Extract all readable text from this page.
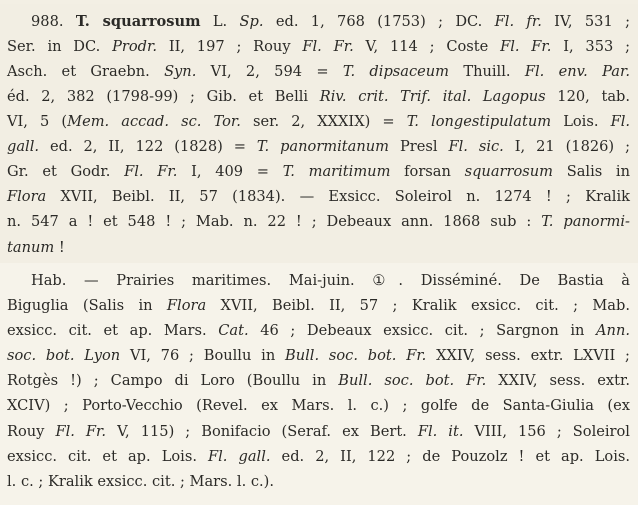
988. T. squarrosum L. Sp. ed. 1, 768 (1753) ; DC. Fl. fr. IV, 531 ;
Ser. in DC. Prodr. II, 197 ; Rouy Fl. Fr. V, 114 ; Coste Fl. Fr. I, 353 ;
Asch. et Graebn. Syn. VI, 2, 594 = T. dipsaceum Thuill. Fl. env. Par.
éd. 2, 382 (1798-99) ; Gib. et Belli Riv. crit. Trif. ital. Lagopus 120, tab.
VI, 5 (Mem. accad. sc. Tor. ser. 2, XXXIX) = T. longestipulatum Lois. Fl.
gall. ed. 2, II, 122 (1828) = T. panormitanum Presl Fl. sic. I, 21 (1826) ;
Gr. et Godr. Fl. Fr. I, 409 = T. maritimum forsan squarrosum Salis in
Flora XVII, Beibl. II, 57 (1834). — Exsicc. Soleirol n. 1274 ! ; Kralik
n. 547 a ! et 548 ! ; Mab. n. 22 ! ; Debeaux ann. 1868 sub : T. panormi-
tanum !
Hab. — Prairies maritimes. Mai-juin. ①. Disséminé. De Bastia à
Biguglia (Salis in Flora XVII, Beibl. II, 57 ; Kralik exsicc. cit. ; Mab.
exsicc. cit. et ap. Mars. Cat. 46 ; Debeaux exsicc. cit. ; Sargnon in Ann.
soc. bot. Lyon VI, 76 ; Boullu in Bull. soc. bot. Fr. XXIV, sess. extr. LXVII ;
Rotgès !) ; Campo di Loro (Boullu in Bull. soc. bot. Fr. XXIV, sess. extr.
XCIV) ; Porto-Vecchio (Revel. ex Mars. l. c.) ; golfe de Santa-Giulia (ex
Rouy Fl. Fr. V, 115) ; Bonifacio (Seraf. ex Bert. Fl. it. VIII, 156 ; Soleirol
exsicc. cit. et ap. Lois. Fl. gall. ed. 2, II, 122 ; de Pouzolz ! et ap. Lois.
l. c. ; Kralik exsicc. cit. ; Mars. l. c.).
